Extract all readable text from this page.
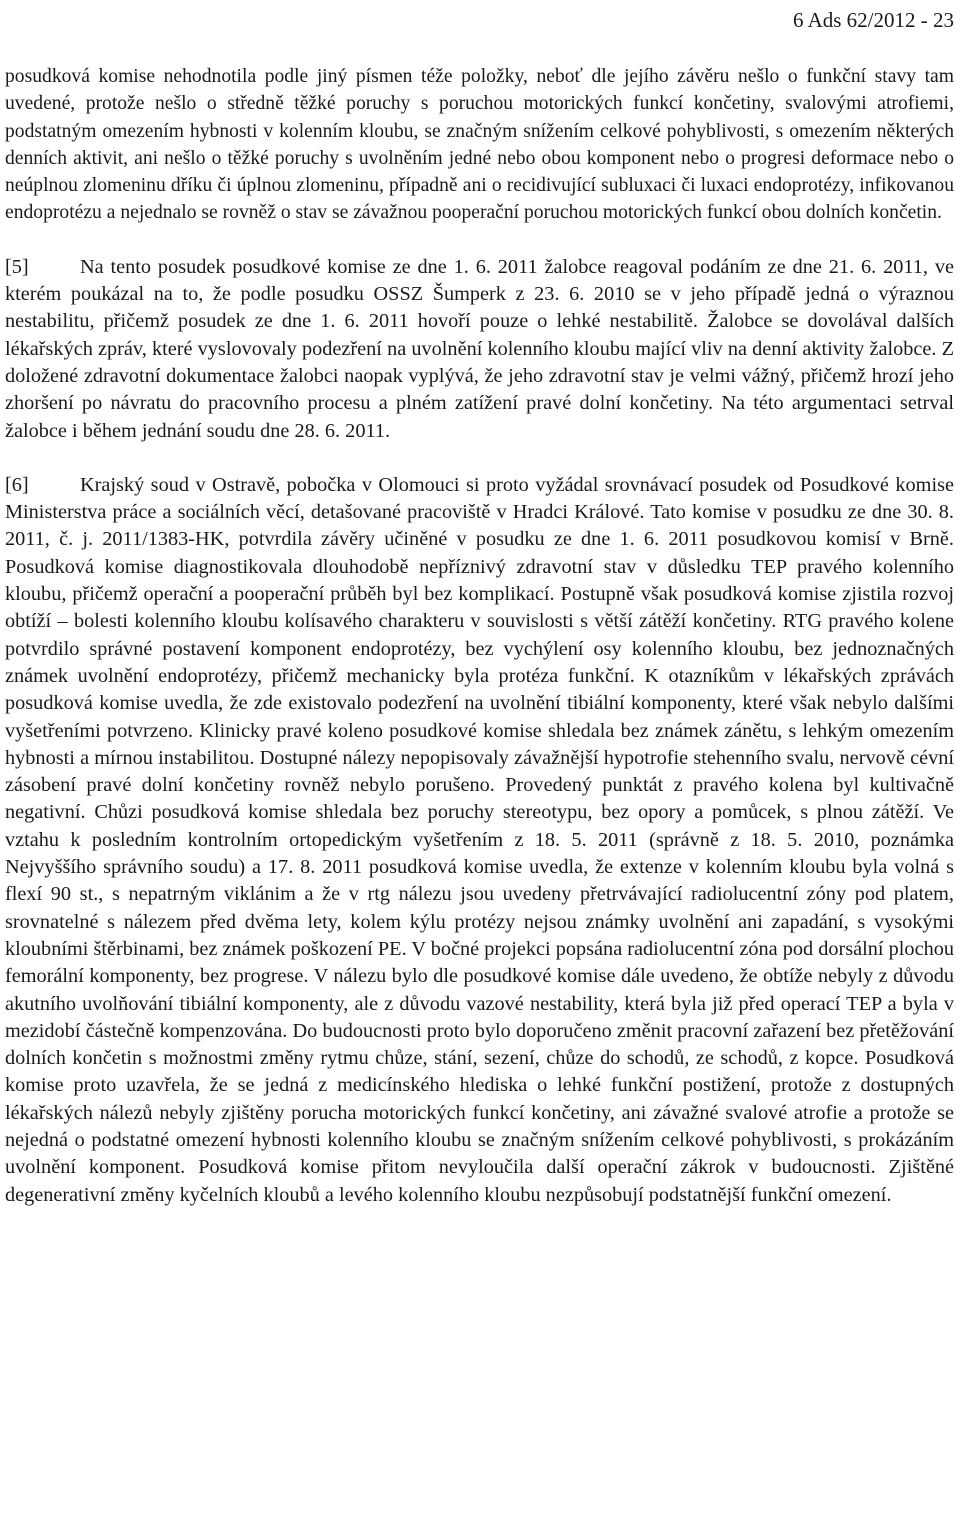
6 Ads 62/2012 - 23

posudková komise nehodnotila podle jiný písmen téže položky, neboť dle jejího závěru nešlo o funkční stavy tam uvedené, protože nešlo o středně těžké poruchy s poruchou motorických funkcí končetiny, svalovými atrofiemi, podstatným omezením hybnosti v kolenním kloubu, se značným snížením celkové pohyblivosti, s omezením některých denních aktivit, ani nešlo o těžké poruchy s uvolněním jedné nebo obou komponent nebo o progresi deformace nebo o neúplnou zlomeninu dříku či úplnou zlomeninu, případně ani o recidivující subluxaci či luxaci endoprotézy, infikovanou endoprotézu a nejednalo se rovněž o stav se závažnou pooperační poruchou motorických funkcí obou dolních končetin.

[5]	Na tento posudek posudkové komise ze dne 1. 6. 2011 žalobce reagoval podáním ze dne 21. 6. 2011, ve kterém poukázal na to, že podle posudku OSSZ Šumperk z 23. 6. 2010 se v jeho případě jedná o výraznou nestabilitu, přičemž posudek ze dne 1. 6. 2011 hovoří pouze o lehké nestabilitě. Žalobce se dovolával dalších lékařských zpráv, které vyslovovaly podezření na uvolnění kolenního kloubu mající vliv na denní aktivity žalobce. Z doložené zdravotní dokumentace žalobci naopak vyplývá, že jeho zdravotní stav je velmi vážný, přičemž hrozí jeho zhoršení po návratu do pracovního procesu a plném zatížení pravé dolní končetiny. Na této argumentaci setrval žalobce i během jednání soudu dne 28. 6. 2011.

[6]	Krajský soud v Ostravě, pobočka v Olomouci si proto vyžádal srovnávací posudek od Posudkové komise Ministerstva práce a sociálních věcí, detašované pracoviště v Hradci Králové. Tato komise v posudku ze dne 30. 8. 2011, č. j. 2011/1383-HK, potvrdila závěry učiněné v posudku ze dne 1. 6. 2011 posudkovou komisí v Brně. Posudková komise diagnostikovala dlouhodobě nepříznivý zdravotní stav v důsledku TEP pravého kolenního kloubu, přičemž operační a pooperační průběh byl bez komplikací. Postupně však posudková komise zjistila rozvoj obtíží – bolesti kolenního kloubu kolísavého charakteru v souvislosti s větší zátěží končetiny. RTG pravého kolene potvrdilo správné postavení komponent endoprotézy, bez vychýlení osy kolenního kloubu, bez jednoznačných známek uvolnění endoprotézy, přičemž mechanicky byla protéza funkční. K otazníkům v lékařských zprávách posudková komise uvedla, že zde existovalo podezření na uvolnění tibiální komponenty, které však nebylo dalšími vyšetřeními potvrzeno. Klinicky pravé koleno posudkové komise shledala bez známek zánětu, s lehkým omezením hybnosti a mírnou instabilitou. Dostupné nálezy nepopisovaly závažnější hypotrofie stehenního svalu, nervově cévní zásobení pravé dolní končetiny rovněž nebylo porušeno. Provedený punktát z pravého kolena byl kultivačně negativní. Chůzi posudková komise shledala bez poruchy stereotypu, bez opory a pomůcek, s plnou zátěží. Ve vztahu k posledním kontrolním ortopedickým vyšetřením z 18. 5. 2011 (správně z 18. 5. 2010, poznámka Nejvyššího správního soudu) a 17. 8. 2011 posudková komise uvedla, že extenze v kolenním kloubu byla volná s flexí 90 st., s nepatrným viklánim a že v rtg nálezu jsou uvedeny přetrvávající radiolucentní zóny pod platem, srovnatelné s nálezem před dvěma lety, kolem kýlu protézy nejsou známky uvolnění ani zapadání, s vysokými kloubními štěrbinami, bez známek poškození PE. V bočné projekci popsána radiolucentní zóna pod dorsální plochou femorální komponenty, bez progrese. V nálezu bylo dle posudkové komise dále uvedeno, že obtíže nebyly z důvodu akutního uvolňování tibiální komponenty, ale z důvodu vazové nestability, která byla již před operací TEP a byla v mezidobí částečně kompenzována. Do budoucnosti proto bylo doporučeno změnit pracovní zařazení bez přetěžování dolních končetin s možnostmi změny rytmu chůze, stání, sezení, chůze do schodů, ze schodů, z kopce. Posudková komise proto uzavřela, že se jedná z medicínského hlediska o lehké funkční postižení, protože z dostupných lékařských nálezů nebyly zjištěny porucha motorických funkcí končetiny, ani závažné svalové atrofie a protože se nejedná o podstatné omezení hybnosti kolenního kloubu se značným snížením celkové pohyblivosti, s prokázáním uvolnění komponent. Posudková komise přitom nevyloučila další operační zákrok v budoucnosti. Zjištěné degenerativní změny kyčelních kloubů a levého kolenního kloubu nezpůsobují podstatnější funkční omezení.
